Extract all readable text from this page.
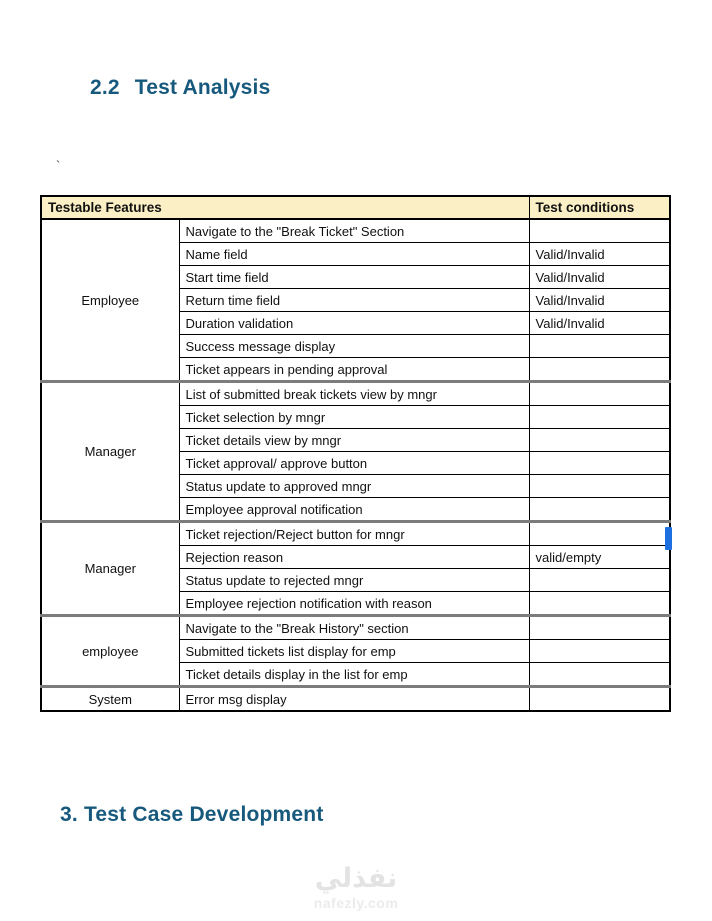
2.2 Test Analysis
`
Testable Features		Test conditions
Employee	Navigate to the "Break Ticket" Section	
	Name field	Valid/Invalid
	Start time field	Valid/Invalid
	Return time field	Valid/Invalid
	Duration validation	Valid/Invalid
	Success message display	
	Ticket appears in pending approval	
Manager	List of submitted break tickets view by mngr	
	Ticket selection by mngr	
	Ticket details view by mngr	
	Ticket approval/ approve button	
	Status update to approved mngr	
	Employee approval notification	
Manager	Ticket rejection/Reject button for mngr	
	Rejection reason	valid/empty
	Status update to rejected mngr	
	Employee rejection notification with reason	
employee	Navigate to the "Break History" section	
	Submitted tickets list display for emp	
	Ticket details display in the list for emp	
System	Error msg display	
3. Test Case Development
نفذلي
nafezly.com
